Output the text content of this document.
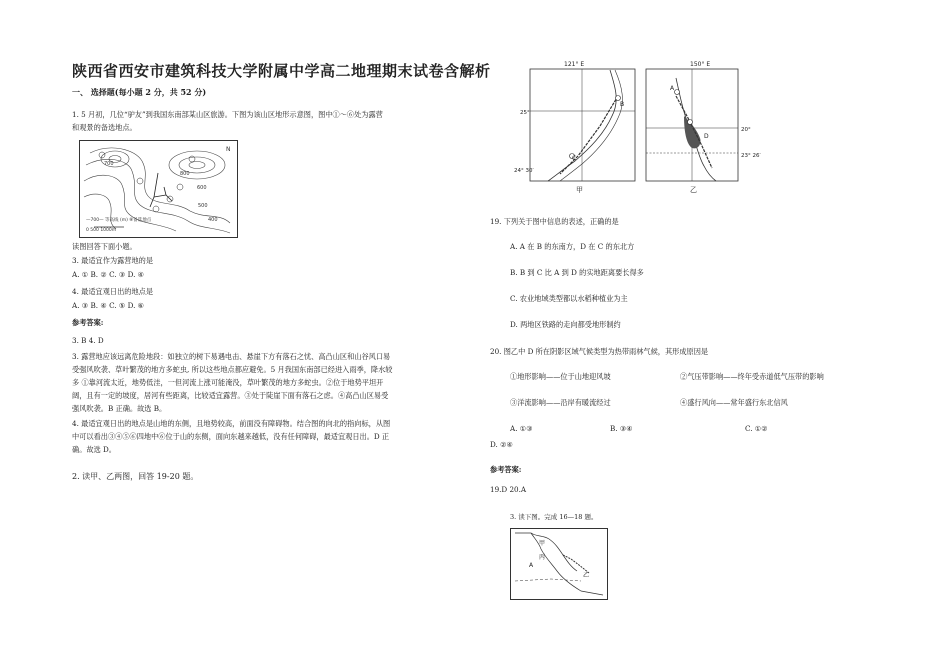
陕西省西安市建筑科技大学附属中学高二地理期末试卷含解析
一、 选择题(每小题 2 分，共 52 分)
1. 5 月初，几位“驴友”到我国东南部某山区旅游。下图为该山区地形示意图，图中①～⑥处为露营
和观景的备选地点。
700
800
600
500
400
N
—700— 等高线 (m) ⑧备选地点
0 500 1000m
读图回答下面小题。
3. 最适宜作为露营地的是
A. ① B. ② C. ③ D. ④
4. 最适宜观日出的地点是
A. ③ B. ④ C. ⑤ D. ⑥
参考答案:
3. B 4. D
3. 露营地应该远离危险地段：如独立的树下易遇电击、悬崖下方有落石之忧、高凸山区和山谷风口易
受强风吹袭、草叶繁茂的地方多蛇虫, 所以这些地点都应避免。5 月我国东南部已经进入雨季，降水较
多 ①靠河流太近，地势低洼，一但河流上涨可能淹没，草叶繁茂的地方多蛇虫。②位于地势平坦开
阔，且有一定的坡度，居河有些距离，比较适宜露营。③处于陡崖下面有落石之虑。④高凸山区易受
强风吹袭。B 正确。故选 B。
4. 最适宜观日出的地点是山地的东侧，且地势较高，前面没有障碍物。结合图的向北的指向标，从图
中可以看出③④⑤⑥四地中⑥位于山的东侧，面向东越来越低，没有任何障碍，最适宜观日出。D 正
确。故选 D。
2. 读甲、乙两图，回答 19-20 题。
121° E	150° E
B
C
25°
24° 30′
甲
A
D
20°
23° 26′
乙
19. 下列关于图中信息的表述，正确的是
A. A 在 B 的东南方，D 在 C 的东北方
B. B 到 C 比 A 到 D 的实地距离要长得多
C. 农业地域类型都以水稻种植业为主
D. 两地区铁路的走向都受地形制约
20. 图乙中 D 所在阴影区域气候类型为热带雨林气候，其形成原因是
①地形影响——位于山地迎风坡	②气压带影响——终年受赤道低气压带的影响
③洋流影响——沿岸有暖流经过	④盛行风向——常年盛行东北信风
A. ①③	B. ③④	C. ①②
D. ②④
参考答案:
19.D 20.A
3. 读下图。完成 16—18 题。
甲
丙
A
乙
